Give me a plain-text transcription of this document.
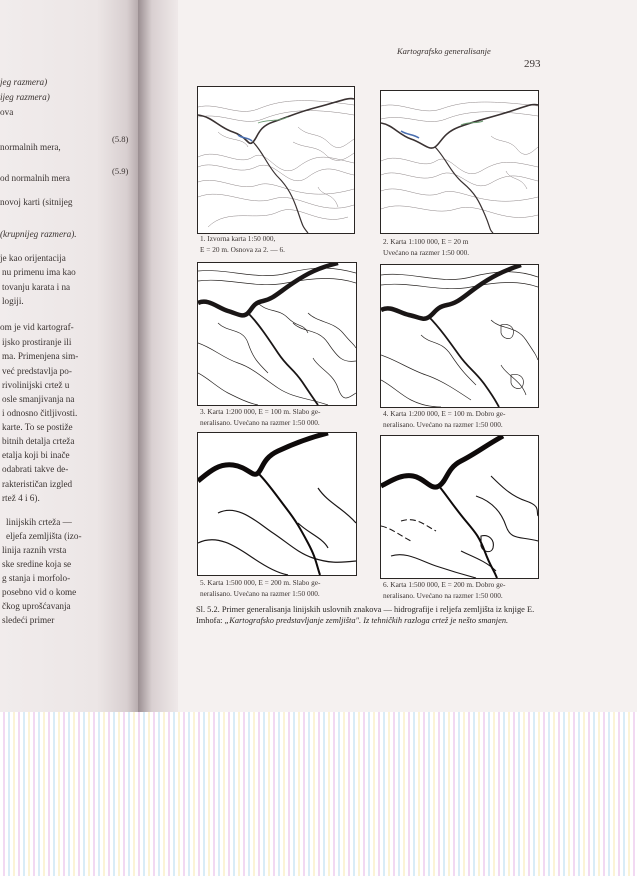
jeg razmera)
ijeg razmera)
ova
normalnih mera,
od normalnih mera
novoj karti (sitnijeg
(krupnijeg razmera).
je kao orijentacija
nu primenu ima kao
tovanju karata i na
logiji.
om je vid kartograf-
ijsko prostiranje ili
ma. Primenjena sim-
već predstavlja po-
rivolinijski crtež u
osle smanjivanja na
i odnosno čitljivosti.
karte. To se postiže
bitnih detalja crteža
etalja koji bi inače
odabrati takve de-
rakterističan izgled
rtež 4 i 6).
linijskih crteža —
eljefa zemljišta (izo-
linija raznih vrsta
ske sredine koja se
g stanja i morfolo-
posebno vid o kome
čkog uprošćavanja
sledeći primer
(5.8)
(5.9)
Kartografsko generalisanje
293
1. Izvorna karta 1:50 000,
E = 20 m. Osnova za 2. — 6.
2. Karta 1:100 000, E = 20 m
Uvećano na razmer 1:50 000.
3. Karta 1:200 000, E = 100 m. Slabo ge-
neralisano. Uvećano na razmer 1:50 000.
4. Karta 1:200 000, E = 100 m. Dobro ge-
neralisano. Uvećano na razmer 1:50 000.
5. Karta 1:500 000, E = 200 m. Slabo ge-
neralisano. Uvećano na razmer 1:50 000.
6. Karta 1:500 000, E = 200 m. Dobro ge-
neralisano. Uvećano na razmer 1:50 000.
Sl. 5.2. Primer generalisanja linijskih uslovnih znakova — hidrografije i reljefa zemljišta iz knjige E. Imhofa: „Kartografsko predstavljanje zemljišta". Iz tehničkih razloga crtež je nešto smanjen.
